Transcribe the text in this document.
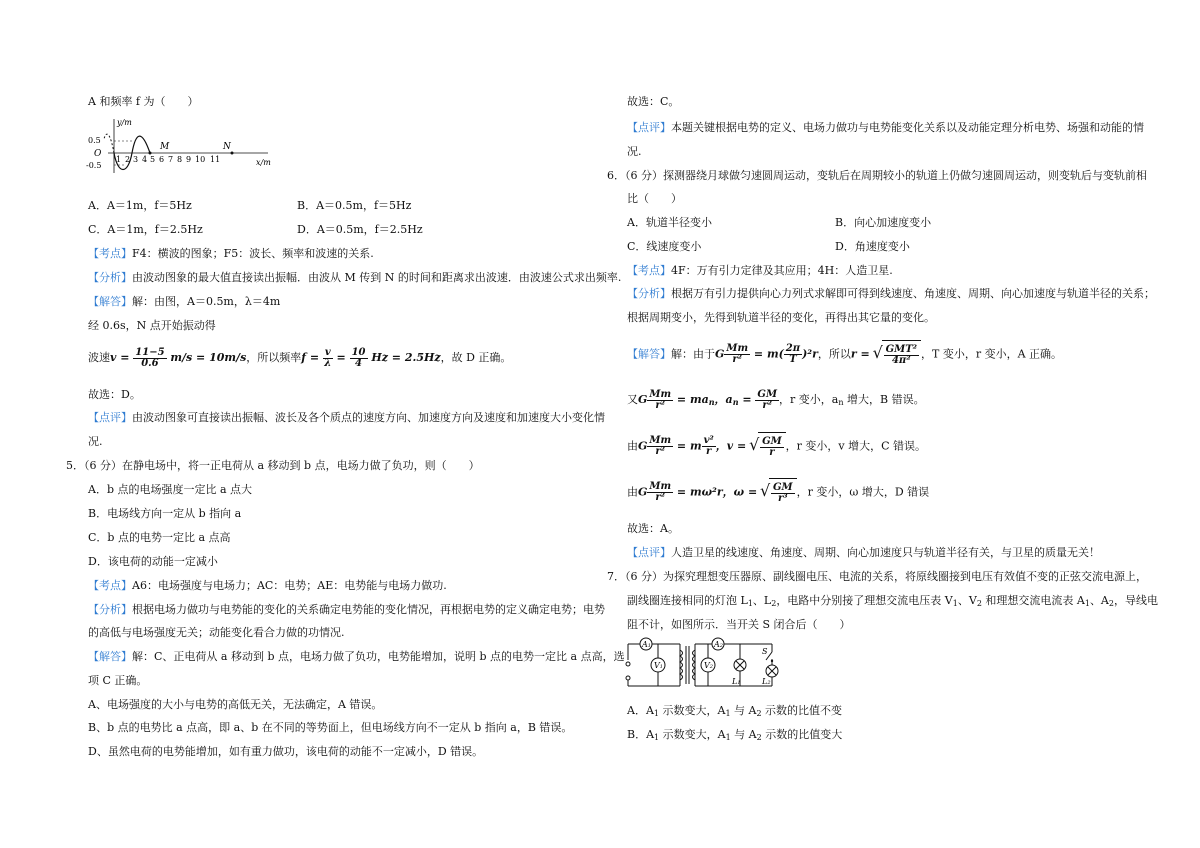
A 和频率 f 为（　　）
y/m
0.5
O
-0.5	x/m
M	N
1 2 3 4 5 6 7 8 9 10 11
A．A＝1m，f＝5Hz	B．A＝0.5m，f＝5Hz
C．A＝1m，f＝2.5Hz	D．A＝0.5m，f＝2.5Hz
【考点】F4：横波的图象；F5：波长、频率和波速的关系.
【分析】由波动图象的最大值直接读出振幅．由波从 M 传到 N 的时间和距离求出波速．由波速公式求出频率.
【解答】解：由图，A＝0.5m，λ＝4m
经 0.6s，N 点开始振动得
波速$v = \frac{11-5}{0.6} m/s = 10m/s$，所以频率$f = \frac{v}{\lambda} = \frac{10}{4}$ Hz = 2.5Hz，故 D 正确。
故选：D。
【点评】由波动图象可直接读出振幅、波长及各个质点的速度方向、加速度方向及速度和加速度大小变化情
况.
5．（6 分）在静电场中，将一正电荷从 a 移动到 b 点，电场力做了负功，则（　　）
A．b 点的电场强度一定比 a 点大
B．电场线方向一定从 b 指向 a
C．b 点的电势一定比 a 点高
D．该电荷的动能一定减小
【考点】A6：电场强度与电场力；AC：电势；AE：电势能与电场力做功.
【分析】根据电场力做功与电势能的变化的关系确定电势能的变化情况，再根据电势的定义确定电势；电势
的高低与电场强度无关；动能变化看合力做的功情况.
【解答】解：C、正电荷从 a 移动到 b 点，电场力做了负功，电势能增加，说明 b 点的电势一定比 a 点高，选
项 C 正确。
A、电场强度的大小与电势的高低无关，无法确定，A 错误。
B、b 点的电势比 a 点高，即 a、b 在不同的等势面上，但电场线方向不一定从 b 指向 a，B 错误。
D、虽然电荷的电势能增加，如有重力做功，该电荷的动能不一定减小，D 错误。
故选：C。
【点评】本题关键根据电势的定义、电场力做功与电势能变化关系以及动能定理分析电势、场强和动能的情
况.
6．（6 分）探测器绕月球做匀速圆周运动，变轨后在周期较小的轨道上仍做匀速圆周运动，则变轨后与变轨前相
比（　　）
A．轨道半径变小	B．向心加速度变小
C．线速度变小	D．角速度变小
【考点】4F：万有引力定律及其应用；4H：人造卫星.
【分析】根据万有引力提供向心力列式求解即可得到线速度、角速度、周期、向心加速度与轨道半径的关系；
根据周期变小，先得到轨道半径的变化，再得出其它量的变化。
【解答】解：由于G $\frac{Mm}{\text{r²}} = m( \frac{2\pi}{T} )^2r$，所以r = √ $\frac{\text{GMT²}}{\text{4π²}}$ ，T 变小，r 变小，A 正确。
又G $\frac{Mm}{\text{r²}} = ma_n$，$a_n = \frac{GM}{\text{r²}}$ ，r 变小，$a_n$ 增大，B 错误。
由G $\frac{Mm}{\text{r²}} = m \frac{\text{v²}}{r}$ ，v = √ $\frac{GM}{r}$ ，r 变小，v 增大，C 错误。
由G $\frac{Mm}{\text{r²}} = m\omega^2r$，ω = √ $\frac{GM}{\text{r³}}$ ，r 变小，ω 增大，D 错误
故选：A。
【点评】人造卫星的线速度、角速度、周期、向心加速度只与轨道半径有关，与卫星的质量无关！
7．（6 分）为探究理想变压器原、副线圈电压、电流的关系，将原线圈接到电压有效值不变的正弦交流电源上，
副线圈连接相同的灯泡 $L_1$、$L_2$，电路中分别接了理想交流电压表 $V_1$、$V_2$ 和理想交流电流表 $A_1$、$A_2$，导线电
阻不计，如图所示．当开关 S 闭合后（　　）
A1
V1
A2
V2
L1	L2
S
A．$A_1$ 示数变大，$A_1$ 与 $A_2$ 示数的比值不变
B．$A_1$ 示数变大，$A_1$ 与 $A_2$ 示数的比值变大
